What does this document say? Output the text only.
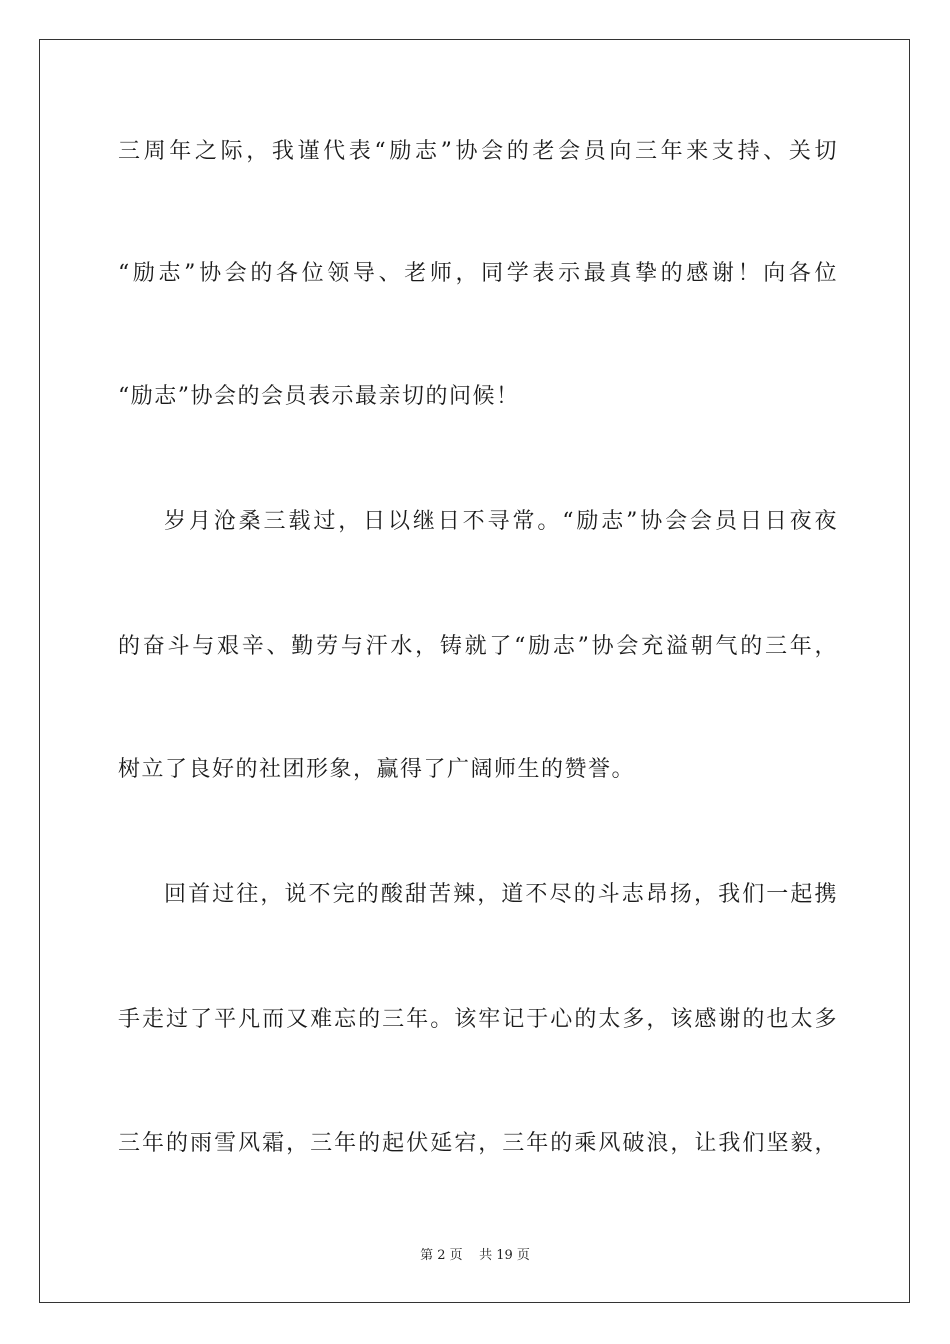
三周年之际，我谨代表“励志”协会的老会员向三年来支持、关切
“励志”协会的各位领导、老师，同学表示最真挚的感谢！向各位
“励志”协会的会员表示最亲切的问候！
岁月沧桑三载过，日以继日不寻常。“励志”协会会员日日夜夜
的奋斗与艰辛、勤劳与汗水，铸就了“励志”协会充溢朝气的三年，
树立了良好的社团形象，赢得了广阔师生的赞誉。
回首过往，说不完的酸甜苦辣，道不尽的斗志昂扬，我们一起携
手走过了平凡而又难忘的三年。该牢记于心的太多，该感谢的也太多
三年的雨雪风霜，三年的起伏延宕，三年的乘风破浪，让我们坚毅，
第 2 页    共 19 页
